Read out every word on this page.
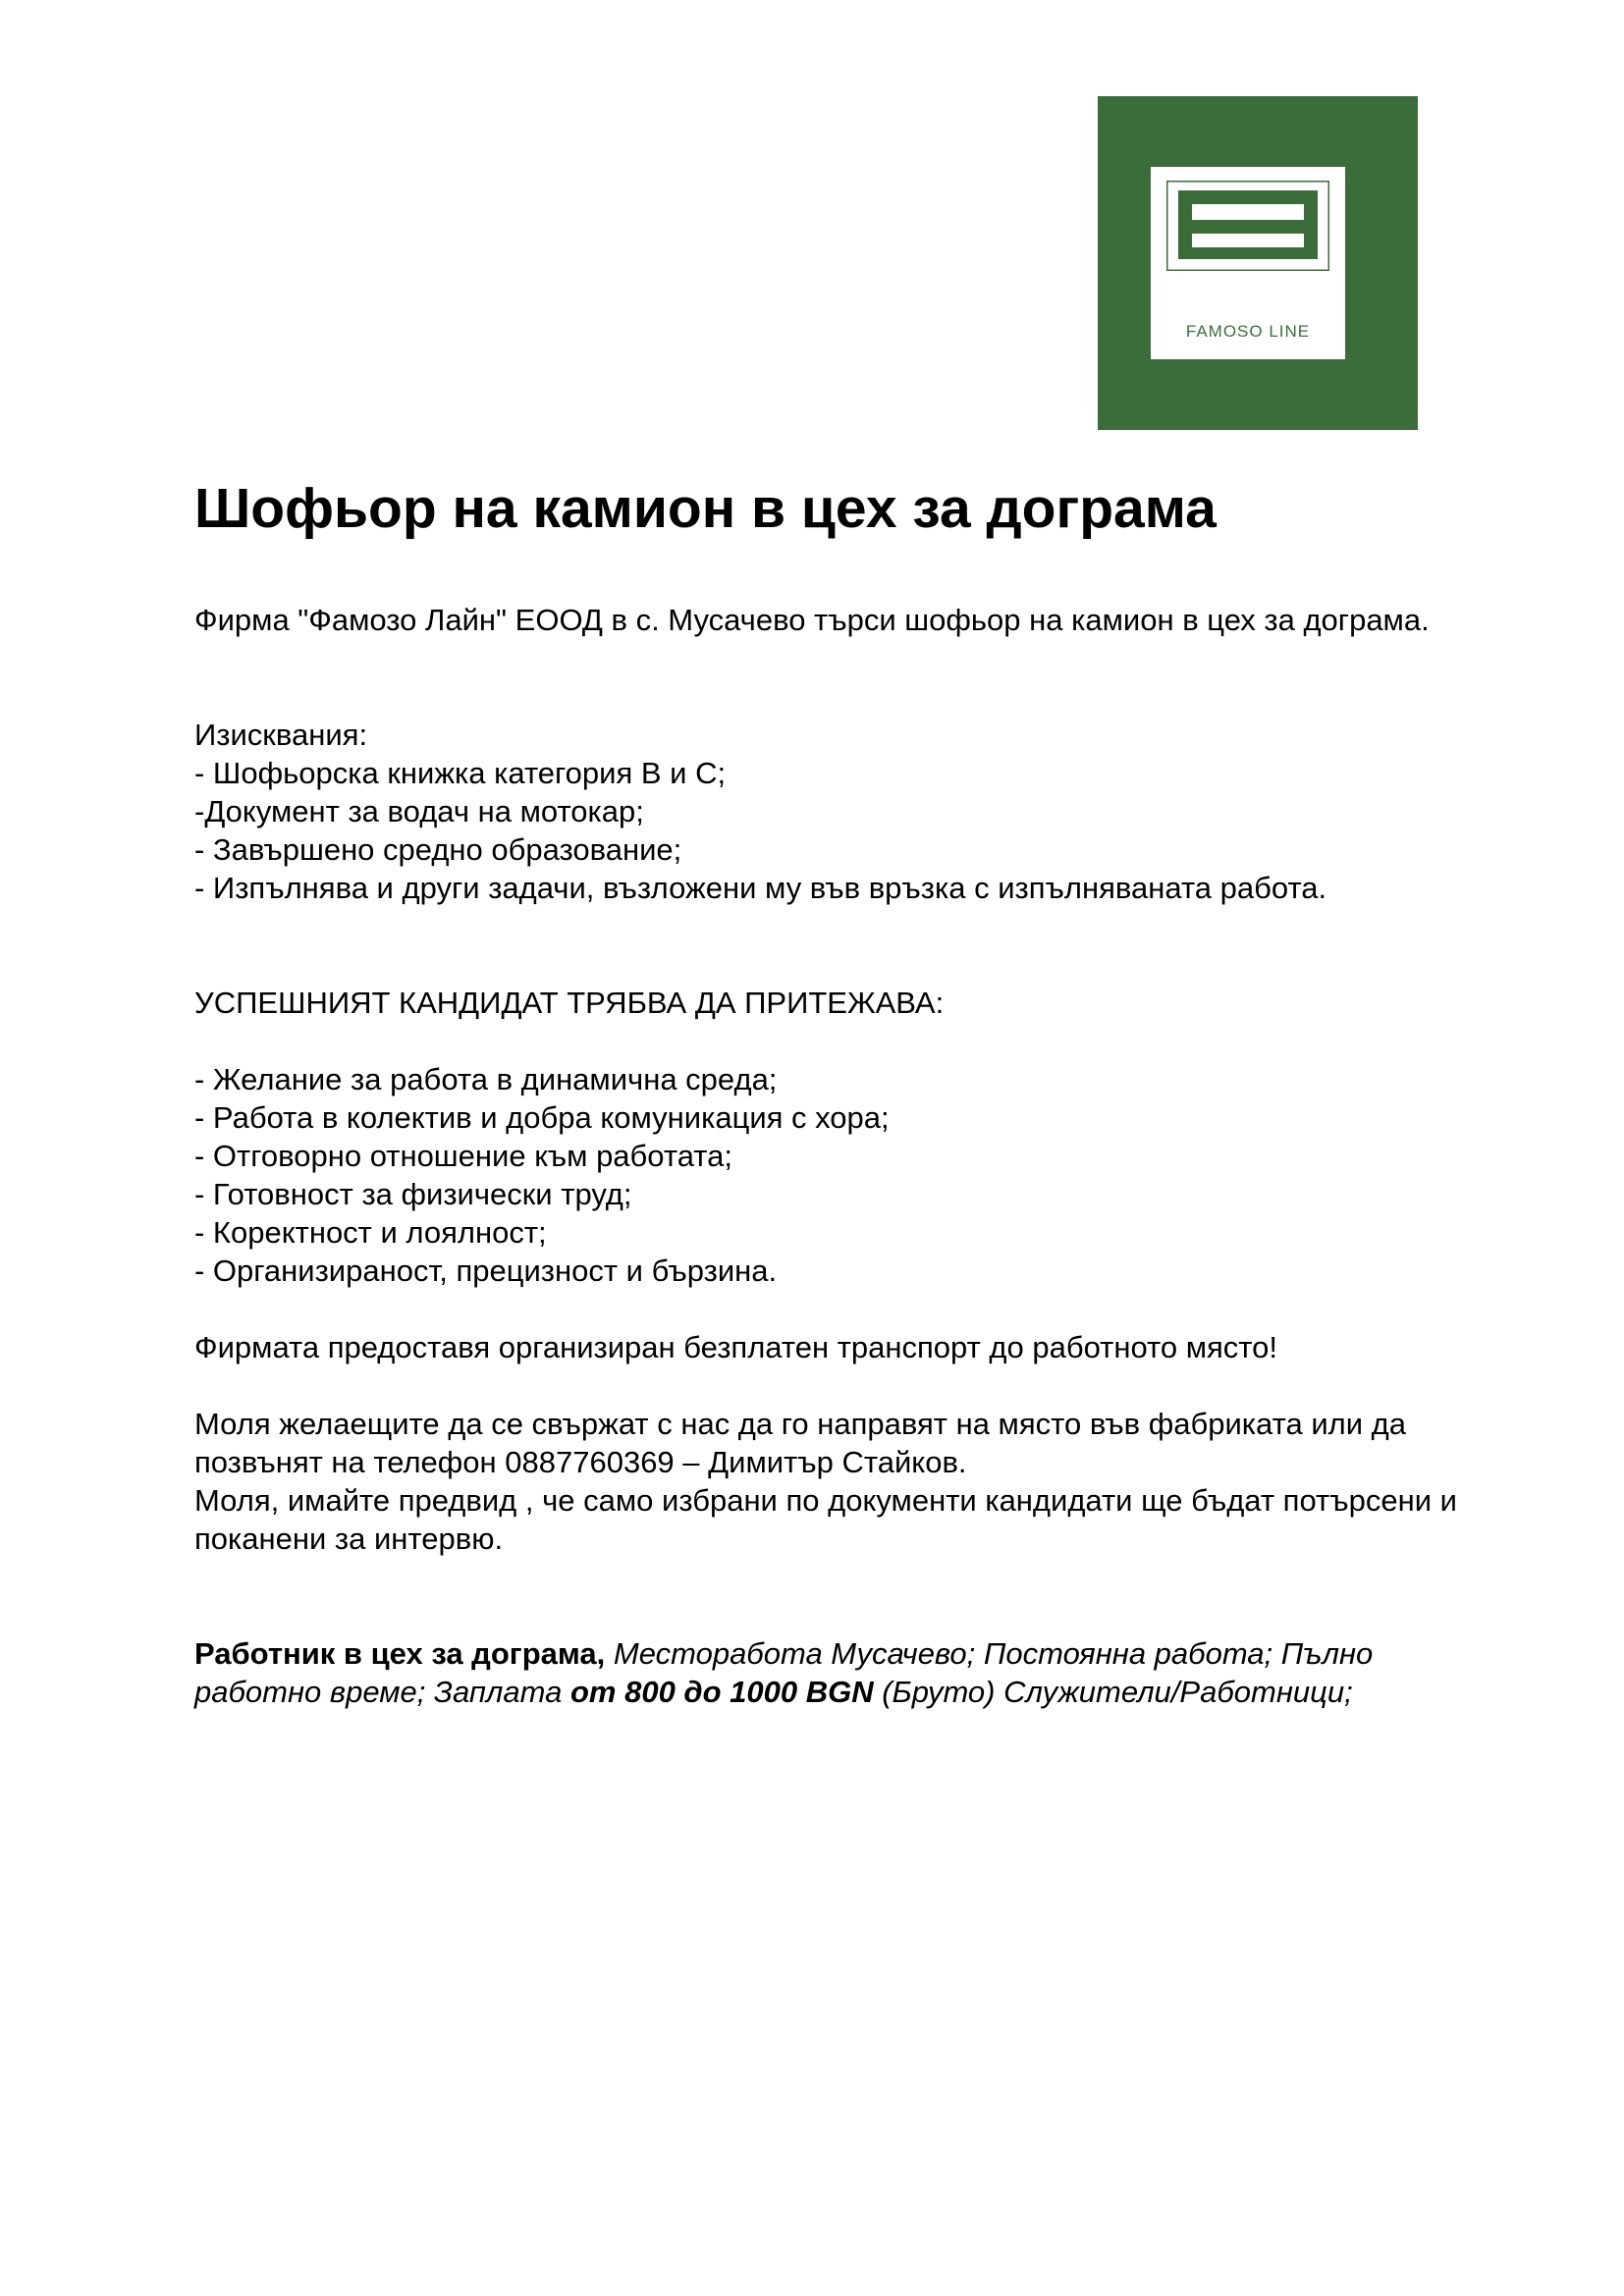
FAMOSO LINE
Шофьор на камион в цех за дограма

Фирма "Фамозо Лайн" ЕООД в с. Мусачево търси шофьор на камион в цех за дограма.

Изисквания:

- Шофьорска книжка категория B и C;

-Документ за водач на мотокар;

- Завършено средно образование;

- Изпълнява и други задачи, възложени му във връзка с изпълняваната работа.

УСПЕШНИЯТ КАНДИДАТ ТРЯБВА ДА ПРИТЕЖАВА:

- Желание за работа в динамична среда;

- Работа в колектив и добра комуникация с хора;

- Отговорно отношение към работата;

- Готовност за физически труд;

- Коректност и лоялност;

- Организираност, прецизност и бързина.

Фирмата предоставя организиран безплатен транспорт до работното място!

Моля желаещите да се свържат с нас да го направят на място във фабриката или да

позвънят на телефон 0887760369 – Димитър Стайков.

Моля, имайте предвид , че само избрани по документи кандидати ще бъдат потърсени и

поканени за интервю.

Работник в цех за дограма, Месторабота Мусачево; Постоянна работа; Пълно

работно време; Заплата от 800 до 1000 BGN (Бруто) Служители/Работници;
